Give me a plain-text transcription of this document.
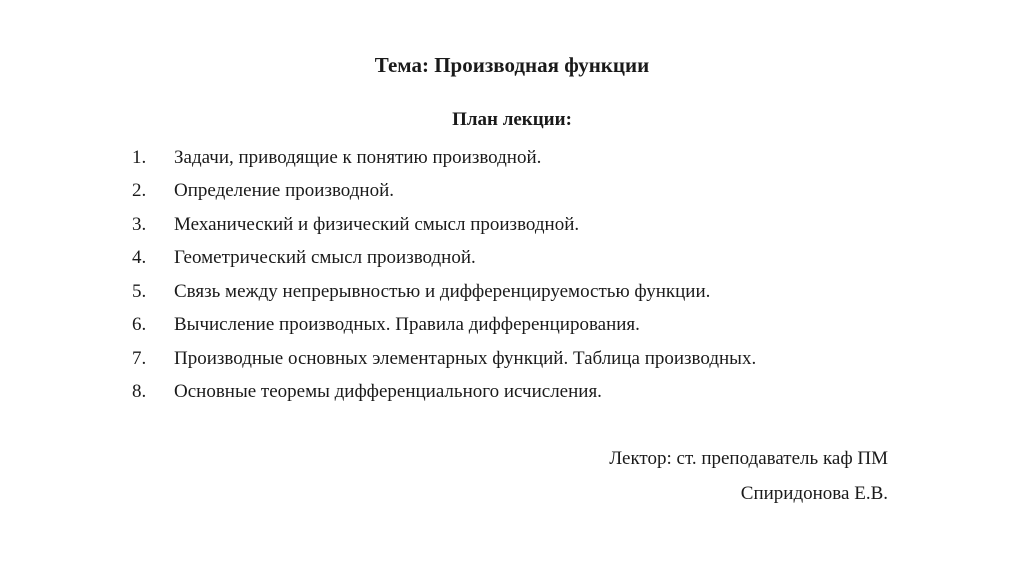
Тема: Производная функции
План лекции:
1.	Задачи, приводящие к понятию производной.
2.	Определение производной.
3.	Механический и физический смысл производной.
4.	Геометрический смысл производной.
5.	Связь между непрерывностью и дифференцируемостью функции.
6.	Вычисление производных. Правила дифференцирования.
7.	Производные основных элементарных функций. Таблица производных.
8.	Основные теоремы дифференциального исчисления.
Лектор: ст. преподаватель каф ПМ
Спиридонова Е.В.
